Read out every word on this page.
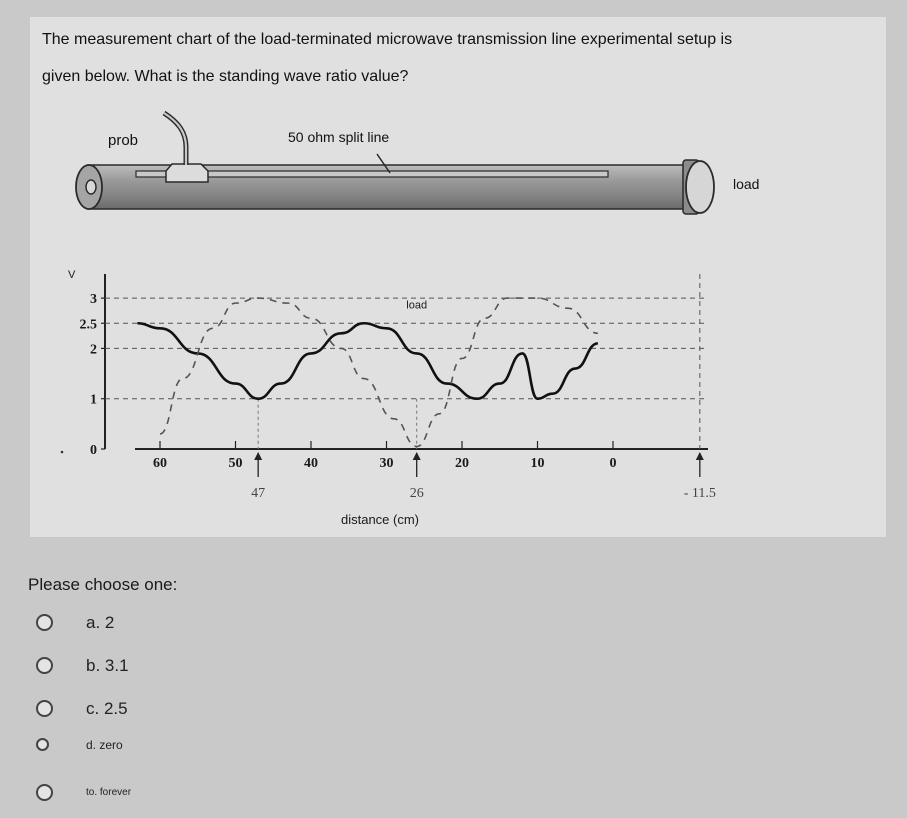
The measurement chart of the load-terminated microwave transmission line experimental setup is
given below. What is the standing wave ratio value?
prob	50 ohm split line
load
3
2.5
2
1
0
V
60	50	40	30	20	10	0
47	26	- 11.5
load
distance (cm)
Please choose one:
a. 2
b. 3.1
c. 2.5
d. zero
to. forever
